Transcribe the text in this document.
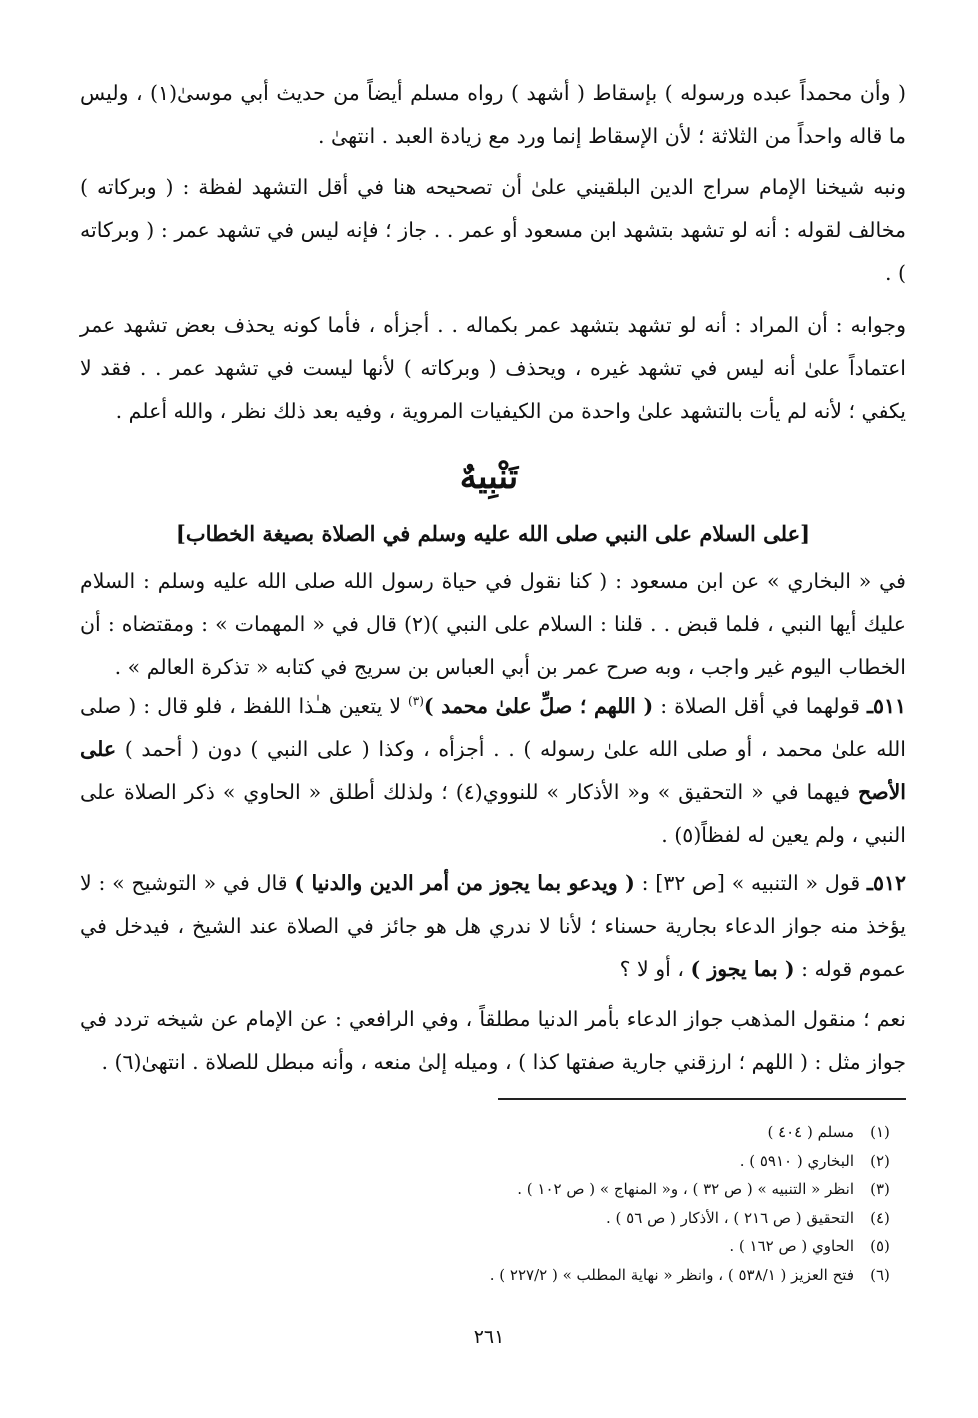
( وأن محمداً عبده ورسوله ) بإسقاط ( أشهد ) رواه مسلم أيضاً من حديث أبي موسىٰ(١) ، وليس ما قاله واحداً من الثلاثة ؛ لأن الإسقاط إنما ورد مع زيادة العبد . انتهىٰ .

ونبه شيخنا الإمام سراج الدين البلقيني علىٰ أن تصحيحه هنا في أقل التشهد لفظة : ( وبركاته ) مخالف لقوله : أنه لو تشهد بتشهد ابن مسعود أو عمر . . جاز ؛ فإنه ليس في تشهد عمر : ( وبركاته ) .

وجوابه : أن المراد : أنه لو تشهد بتشهد عمر بكماله . . أجزأه ، فأما كونه يحذف بعض تشهد عمر اعتماداً علىٰ أنه ليس في تشهد غيره ، ويحذف ( وبركاته ) لأنها ليست في تشهد عمر . . فقد لا يكفي ؛ لأنه لم يأت بالتشهد علىٰ واحدة من الكيفيات المروية ، وفيه بعد ذلك نظر ، والله أعلم .

تَنْبِيهٌ
[على السلام على النبي صلى الله عليه وسلم في الصلاة بصيغة الخطاب]

في « البخاري » عن ابن مسعود : ( كنا نقول في حياة رسول الله صلى الله عليه وسلم : السلام عليك أيها النبي ، فلما قبض . . قلنا : السلام على النبي )(٢) قال في « المهمات » : ومقتضاه : أن الخطاب اليوم غير واجب ، وبه صرح عمر بن أبي العباس بن سريج في كتابه « تذكرة العالم » .

٥١١ـ قولهما في أقل الصلاة : ( اللهم ؛ صلِّ علىٰ محمد )$^{(٣)}$ لا يتعين هـٰذا اللفظ ، فلو قال : ( صلى الله علىٰ محمد ، أو صلى الله علىٰ رسوله ) . . أجزأه ، وكذا ( على النبي ) دون ( أحمد ) على الأصح فيهما في « التحقيق » و« الأذكار » للنووي(٤) ؛ ولذلك أطلق « الحاوي » ذكر الصلاة على النبي ، ولم يعين له لفظاً(٥) .

٥١٢ـ قول « التنبيه » [ص ٣٢] : ( ويدعو بما يجوز من أمر الدين والدنيا ) قال في « التوشيح » : لا يؤخذ منه جواز الدعاء بجارية حسناء ؛ لأنا لا ندري هل هو جائز في الصلاة عند الشيخ ، فيدخل في عموم قوله : ( بما يجوز ) ، أو لا ؟

نعم ؛ منقول المذهب جواز الدعاء بأمر الدنيا مطلقاً ، وفي الرافعي : عن الإمام عن شيخه تردد في جواز مثل : ( اللهم ؛ ارزقني جارية صفتها كذا ) ، وميله إلىٰ منعه ، وأنه مبطل للصلاة . انتهىٰ(٦) .

(١)
مسلم ( ٤٠٤ )
(٢)
البخاري ( ٥٩١٠ ) .
(٣)
انظر « التنبيه » ( ص ٣٢ ) ، و« المنهاج » ( ص ١٠٢ ) .
(٤)
التحقيق ( ص ٢١٦ ) ، الأذكار ( ص ٥٦ ) .
(٥)
الحاوي ( ص ١٦٢ ) .
(٦)
فتح العزيز ( ٥٣٨/١ ) ، وانظر « نهاية المطلب » ( ٢٢٧/٢ ) .
٢٦١
